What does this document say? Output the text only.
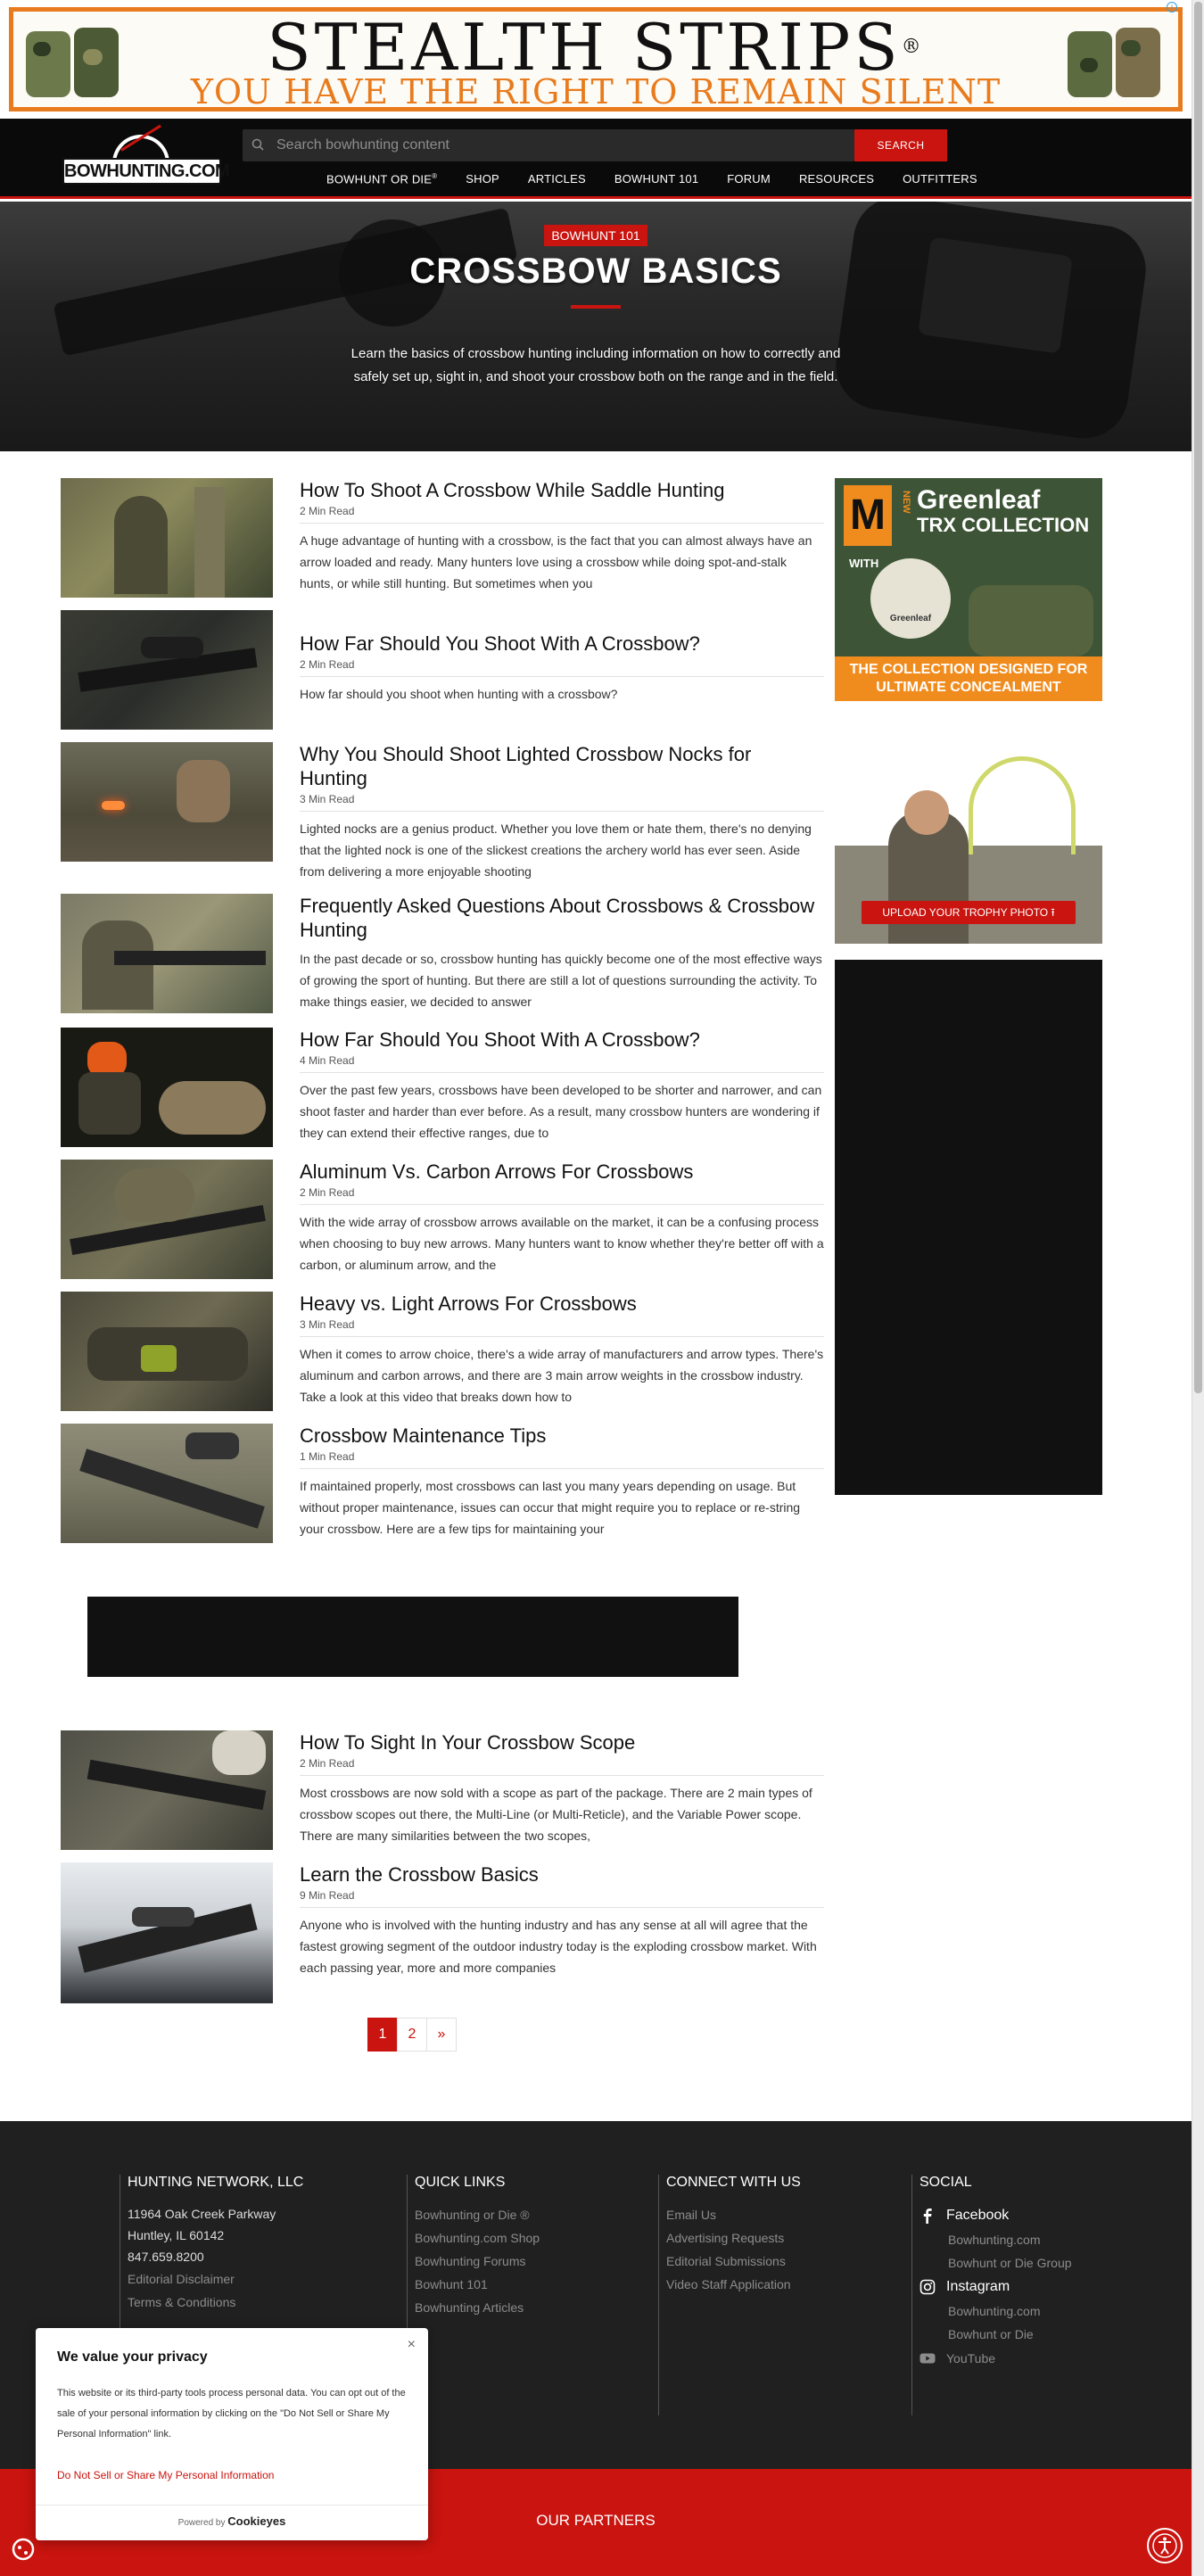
STEALTH STRIPS®
YOU HAVE THE RIGHT TO REMAIN SILENT
i
BOWHUNTING.COM
Search bowhunting content
SEARCH
BOWHUNT OR DIE® SHOP ARTICLES BOWHUNT 101 FORUM RESOURCES OUTFITTERS
BOWHUNT 101
CROSSBOW BASICS

Learn the basics of crossbow hunting including information on how to correctly and safely set up, sight in, and shoot your crossbow both on the range and in the field.

How To Shoot A Crossbow While Saddle Hunting
2 Min Read
A huge advantage of hunting with a crossbow, is the fact that you can almost always have an arrow loaded and ready. Many hunters love using a crossbow while doing spot-and-stalk hunts, or while still hunting. But sometimes when you
How Far Should You Shoot With A Crossbow?
2 Min Read
How far should you shoot when hunting with a crossbow?
Why You Should Shoot Lighted Crossbow Nocks for Hunting
3 Min Read
Lighted nocks are a genius product. Whether you love them or hate them, there's no denying that the lighted nock is one of the slickest creations the archery world has ever seen. Aside from delivering a more enjoyable shooting
Frequently Asked Questions About Crossbows & Crossbow Hunting
In the past decade or so, crossbow hunting has quickly become one of the most effective ways of growing the sport of hunting. But there are still a lot of questions surrounding the activity. To make things easier, we decided to answer
How Far Should You Shoot With A Crossbow?
4 Min Read
Over the past few years, crossbows have been developed to be shorter and narrower, and can shoot faster and harder than ever before. As a result, many crossbow hunters are wondering if they can extend their effective ranges, due to
Aluminum Vs. Carbon Arrows For Crossbows
2 Min Read
With the wide array of crossbow arrows available on the market, it can be a confusing process when choosing to buy new arrows. Many hunters want to know whether they're better off with a carbon, or aluminum arrow, and the
Heavy vs. Light Arrows For Crossbows
3 Min Read
When it comes to arrow choice, there's a wide array of manufacturers and arrow types. There's aluminum and carbon arrows, and there are 3 main arrow weights in the crossbow industry. Take a look at this video that breaks down how to
Crossbow Maintenance Tips
1 Min Read
If maintained properly, most crossbows can last you many years depending on usage. But without proper maintenance, issues can occur that might require you to replace or re-string your crossbow. Here are a few tips for maintaining your
How To Sight In Your Crossbow Scope
2 Min Read
Most crossbows are now sold with a scope as part of the package. There are 2 main types of crossbow scopes out there, the Multi-Line (or Multi-Reticle), and the Variable Power scope. There are many similarities between the two scopes,
Learn the Crossbow Basics
9 Min Read
Anyone who is involved with the hunting industry and has any sense at all will agree that the fastest growing segment of the outdoor industry today is the exploding crossbow market. With each passing year, more and more companies
1	2	»
M	NEW Greenleaf
TRX COLLECTION
WITH
Greenleaf
THE COLLECTION DESIGNED FOR ULTIMATE CONCEALMENT
UPLOAD YOUR TROPHY PHOTO ⭱
HUNTING NETWORK, LLC
11964 Oak Creek Parkway
Huntley, IL 60142
847.659.8200
Editorial Disclaimer
Terms & Conditions
QUICK LINKS
Bowhunting or Die ®
Bowhunting.com Shop
Bowhunting Forums
Bowhunt 101
Bowhunting Articles
CONNECT WITH US
Email Us
Advertising Requests
Editorial Submissions
Video Staff Application
SOCIAL
Facebook
Bowhunting.com
Bowhunt or Die Group
Instagram
Bowhunting.com
Bowhunt or Die
YouTube
OUR PARTNERS
×
We value your privacy

This website or its third-party tools process personal data. You can opt out of the sale of your personal information by clicking on the "Do Not Sell or Share My Personal Information" link.

Do Not Sell or Share My Personal Information
Powered by Cookieyes
